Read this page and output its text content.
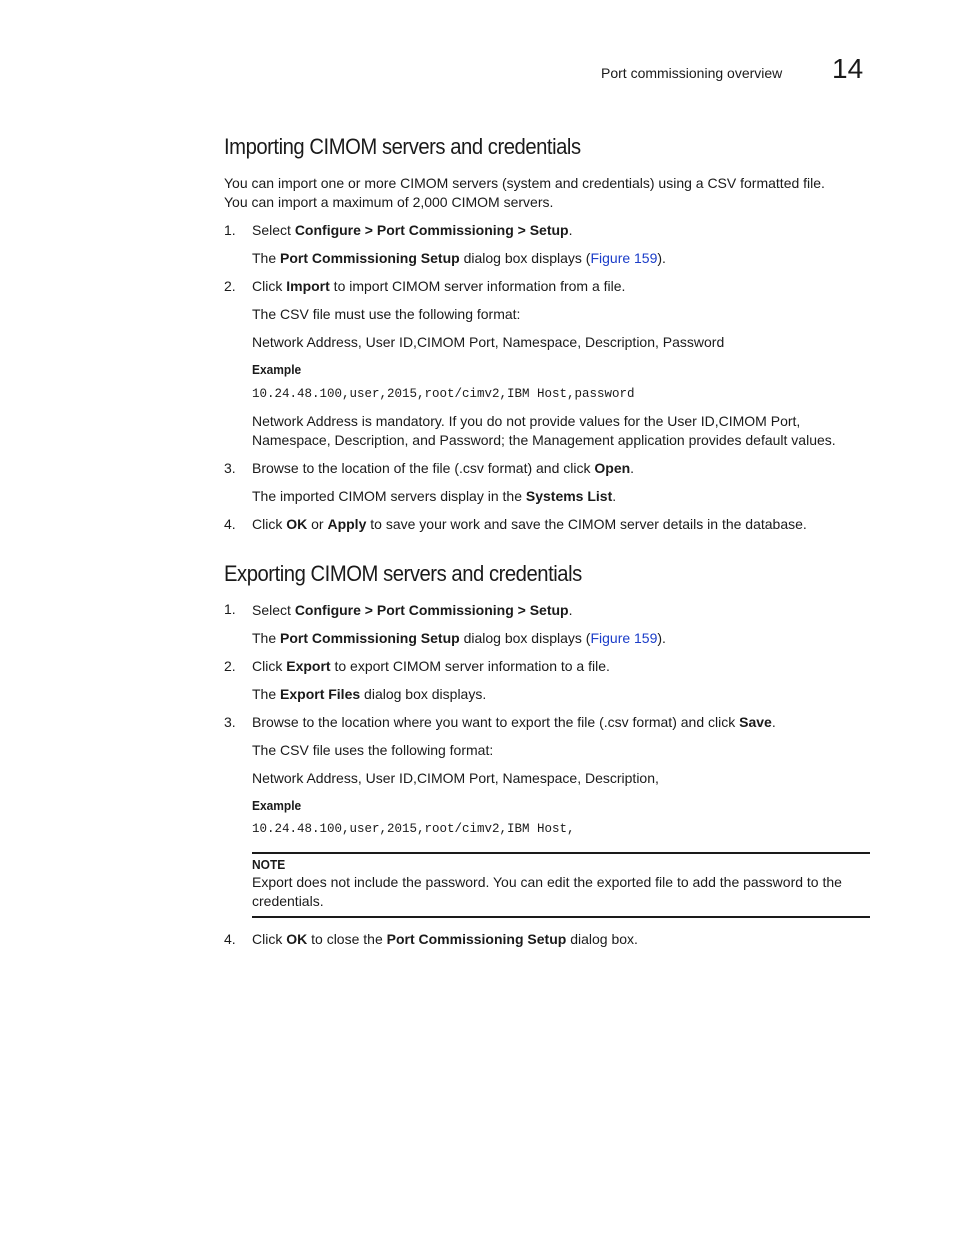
Port commissioning overview 14
Importing CIMOM servers and credentials
You can import one or more CIMOM servers (system and credentials) using a CSV formatted file.
You can import a maximum of 2,000 CIMOM servers.
1. Select Configure > Port Commissioning > Setup.
The Port Commissioning Setup dialog box displays (Figure 159).
2. Click Import to import CIMOM server information from a file.
The CSV file must use the following format:
Network Address, User ID,CIMOM Port, Namespace, Description, Password
Example
10.24.48.100,user,2015,root/cimv2,IBM Host,password
Network Address is mandatory. If you do not provide values for the User ID,CIMOM Port,
Namespace, Description, and Password; the Management application provides default values.
3. Browse to the location of the file (.csv format) and click Open.
The imported CIMOM servers display in the Systems List.
4. Click OK or Apply to save your work and save the CIMOM server details in the database.
Exporting CIMOM servers and credentials
1. Select Configure > Port Commissioning > Setup.
The Port Commissioning Setup dialog box displays (Figure 159).
2. Click Export to export CIMOM server information to a file.
The Export Files dialog box displays.
3. Browse to the location where you want to export the file (.csv format) and click Save.
The CSV file uses the following format:
Network Address, User ID,CIMOM Port, Namespace, Description,
Example
10.24.48.100,user,2015,root/cimv2,IBM Host,
NOTE
Export does not include the password. You can edit the exported file to add the password to the
credentials.
4. Click OK to close the Port Commissioning Setup dialog box.
